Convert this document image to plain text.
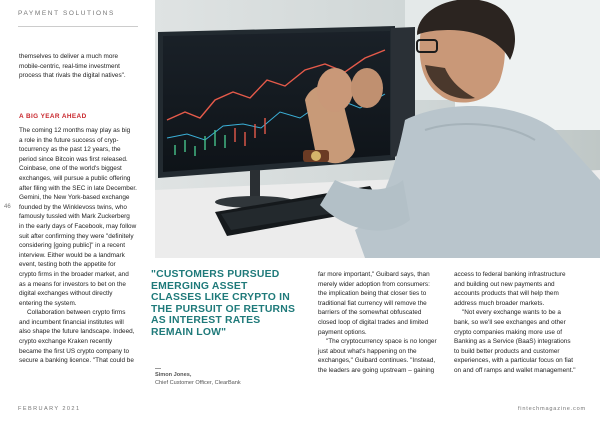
PAYMENT SOLUTIONS
46

themselves to deliver a much more

mobile-centric, real-time investment

process that rivals the digital natives".

A BIG YEAR AHEAD

The coming 12 months may play as big

a role in the future success of cryp-

tocurrency as the past 12 years, the

period since Bitcoin was first released.

Coinbase, one of the world's biggest

exchanges, will pursue a public offering

after filing with the SEC in late December.

Gemini, the New York-based exchange

founded by the Winklevoss twins, who

famously tussled with Mark Zuckerberg

in the early days of Facebook, may follow

suit after confirming they were "definitely

considering [going public]" in a recent

interview. Either would be a landmark

event, testing both the appetite for

crypto firms in the broader market, and

as a means for investors to bet on the

digital exchanges without directly

entering the system.

Collaboration between crypto firms

and incumbent financial institutes will

also shape the future landscape. Indeed,

crypto exchange Kraken recently

became the first US crypto company to

secure a banking licence. "That could be

"CUSTOMERS PURSUED EMERGING ASSET CLASSES LIKE CRYPTO IN THE PURSUIT OF RETURNS AS INTEREST RATES REMAIN LOW"

Simon Jones,
Chief Customer Officer, ClearBank

far more important," Guibard says, than

merely wider adoption from consumers:

the implication being that closer ties to

traditional fiat currency will remove the

barriers of the somewhat obfuscated

closed loop of digital trades and limited

payment options.

"The cryptocurrency space is no longer

just about what's happening on the

exchanges," Guibard continues. "Instead,

the leaders are going upstream – gaining

access to federal banking infrastructure

and building out new payments and

accounts products that will help them

address much broader markets.

"Not every exchange wants to be a

bank, so we'll see exchanges and other

crypto companies making more use of

Banking as a Service (BaaS) integrations

to build better products and customer

experiences, with a particular focus on fiat

on and off ramps and wallet management."

FEBRUARY 2021	fintechmagazine.com
